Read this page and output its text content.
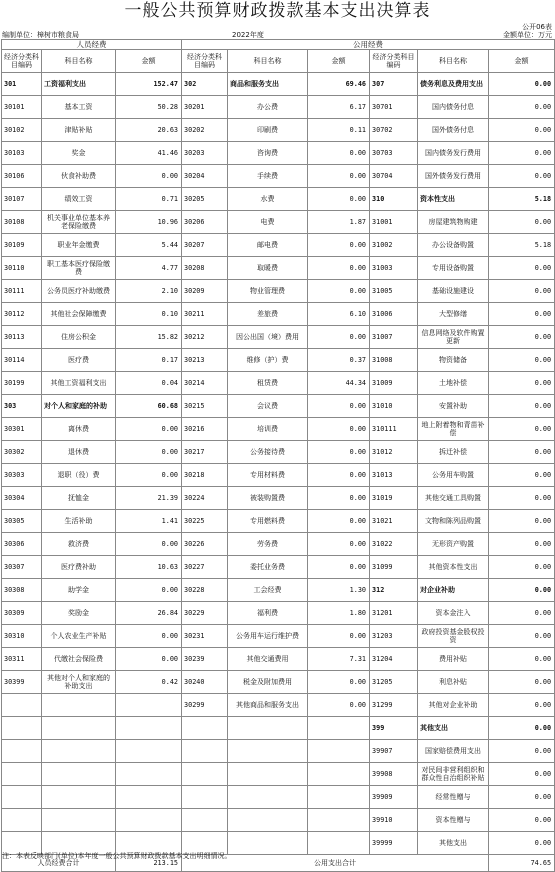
一般公共预算财政拨款基本支出决算表
公开06表
编制单位：樟树市粮食局	2022年度	金额单位：万元
人员经费			公用经费					
经济分类科目编码	科目名称	金额	经济分类科目编码	科目名称	金额	经济分类科目编码	科目名称	金额
301	工资福利支出	152.47	302	商品和服务支出	69.46	307	债务利息及费用支出	0.00
30101	基本工资	50.28	30201	办公费	6.17	30701	国内债务付息	0.00
30102	津贴补贴	20.63	30202	印刷费	0.11	30702	国外债务付息	0.00
30103	奖金	41.46	30203	咨询费	0.00	30703	国内债务发行费用	0.00
30106	伙食补助费	0.00	30204	手续费	0.00	30704	国外债务发行费用	0.00
30107	绩效工资	0.71	30205	水费	0.00	310	资本性支出	5.18
30108	机关事业单位基本养老保险缴费	10.96	30206	电费	1.87	31001	房屋建筑物购建	0.00
30109	职业年金缴费	5.44	30207	邮电费	0.00	31002	办公设备购置	5.18
30110	职工基本医疗保险缴费	4.77	30208	取暖费	0.00	31003	专用设备购置	0.00
30111	公务员医疗补助缴费	2.10	30209	物业管理费	0.00	31005	基础设施建设	0.00
30112	其他社会保障缴费	0.10	30211	差旅费	6.10	31006	大型修缮	0.00
30113	住房公积金	15.82	30212	因公出国（境）费用	0.00	31007	信息网络及软件购置更新	0.00
30114	医疗费	0.17	30213	维修（护）费	0.37	31008	物资储备	0.00
30199	其他工资福利支出	0.04	30214	租赁费	44.34	31009	土地补偿	0.00
303	对个人和家庭的补助	60.68	30215	会议费	0.00	31010	安置补助	0.00
30301	离休费	0.00	30216	培训费	0.00	310111	地上附着物和青苗补偿	0.00
30302	退休费	0.00	30217	公务接待费	0.00	31012	拆迁补偿	0.00
30303	退职（役）费	0.00	30218	专用材料费	0.00	31013	公务用车购置	0.00
30304	抚恤金	21.39	30224	被装购置费	0.00	31019	其他交通工具购置	0.00
30305	生活补助	1.41	30225	专用燃料费	0.00	31021	文物和陈列品购置	0.00
30306	救济费	0.00	30226	劳务费	0.00	31022	无形资产购置	0.00
30307	医疗费补助	10.63	30227	委托业务费	0.00	31099	其他资本性支出	0.00
30308	助学金	0.00	30228	工会经费	1.30	312	对企业补助	0.00
30309	奖励金	26.84	30229	福利费	1.80	31201	资本金注入	0.00
30310	个人农业生产补贴	0.00	30231	公务用车运行维护费	0.00	31203	政府投资基金股权投资	0.00
30311	代缴社会保险费	0.00	30239	其他交通费用	7.31	31204	费用补贴	0.00
30399	其他对个人和家庭的补助支出	0.42	30240	税金及附加费用	0.00	31205	利息补贴	0.00
			30299	其他商品和服务支出	0.00	31299	其他对企业补助	0.00
						399	其他支出	0.00
						39907	国家赔偿费用支出	0.00
						39908	对民间非营利组织和群众性自治组织补贴	0.00
						39909	经常性赠与	0.00
						39910	资本性赠与	0.00
						39999	其他支出	0.00
人员经费合计		213.15	公用支出合计					74.65
注：本表反映部门(单位)本年度一般公共预算财政拨款基本支出明细情况。
